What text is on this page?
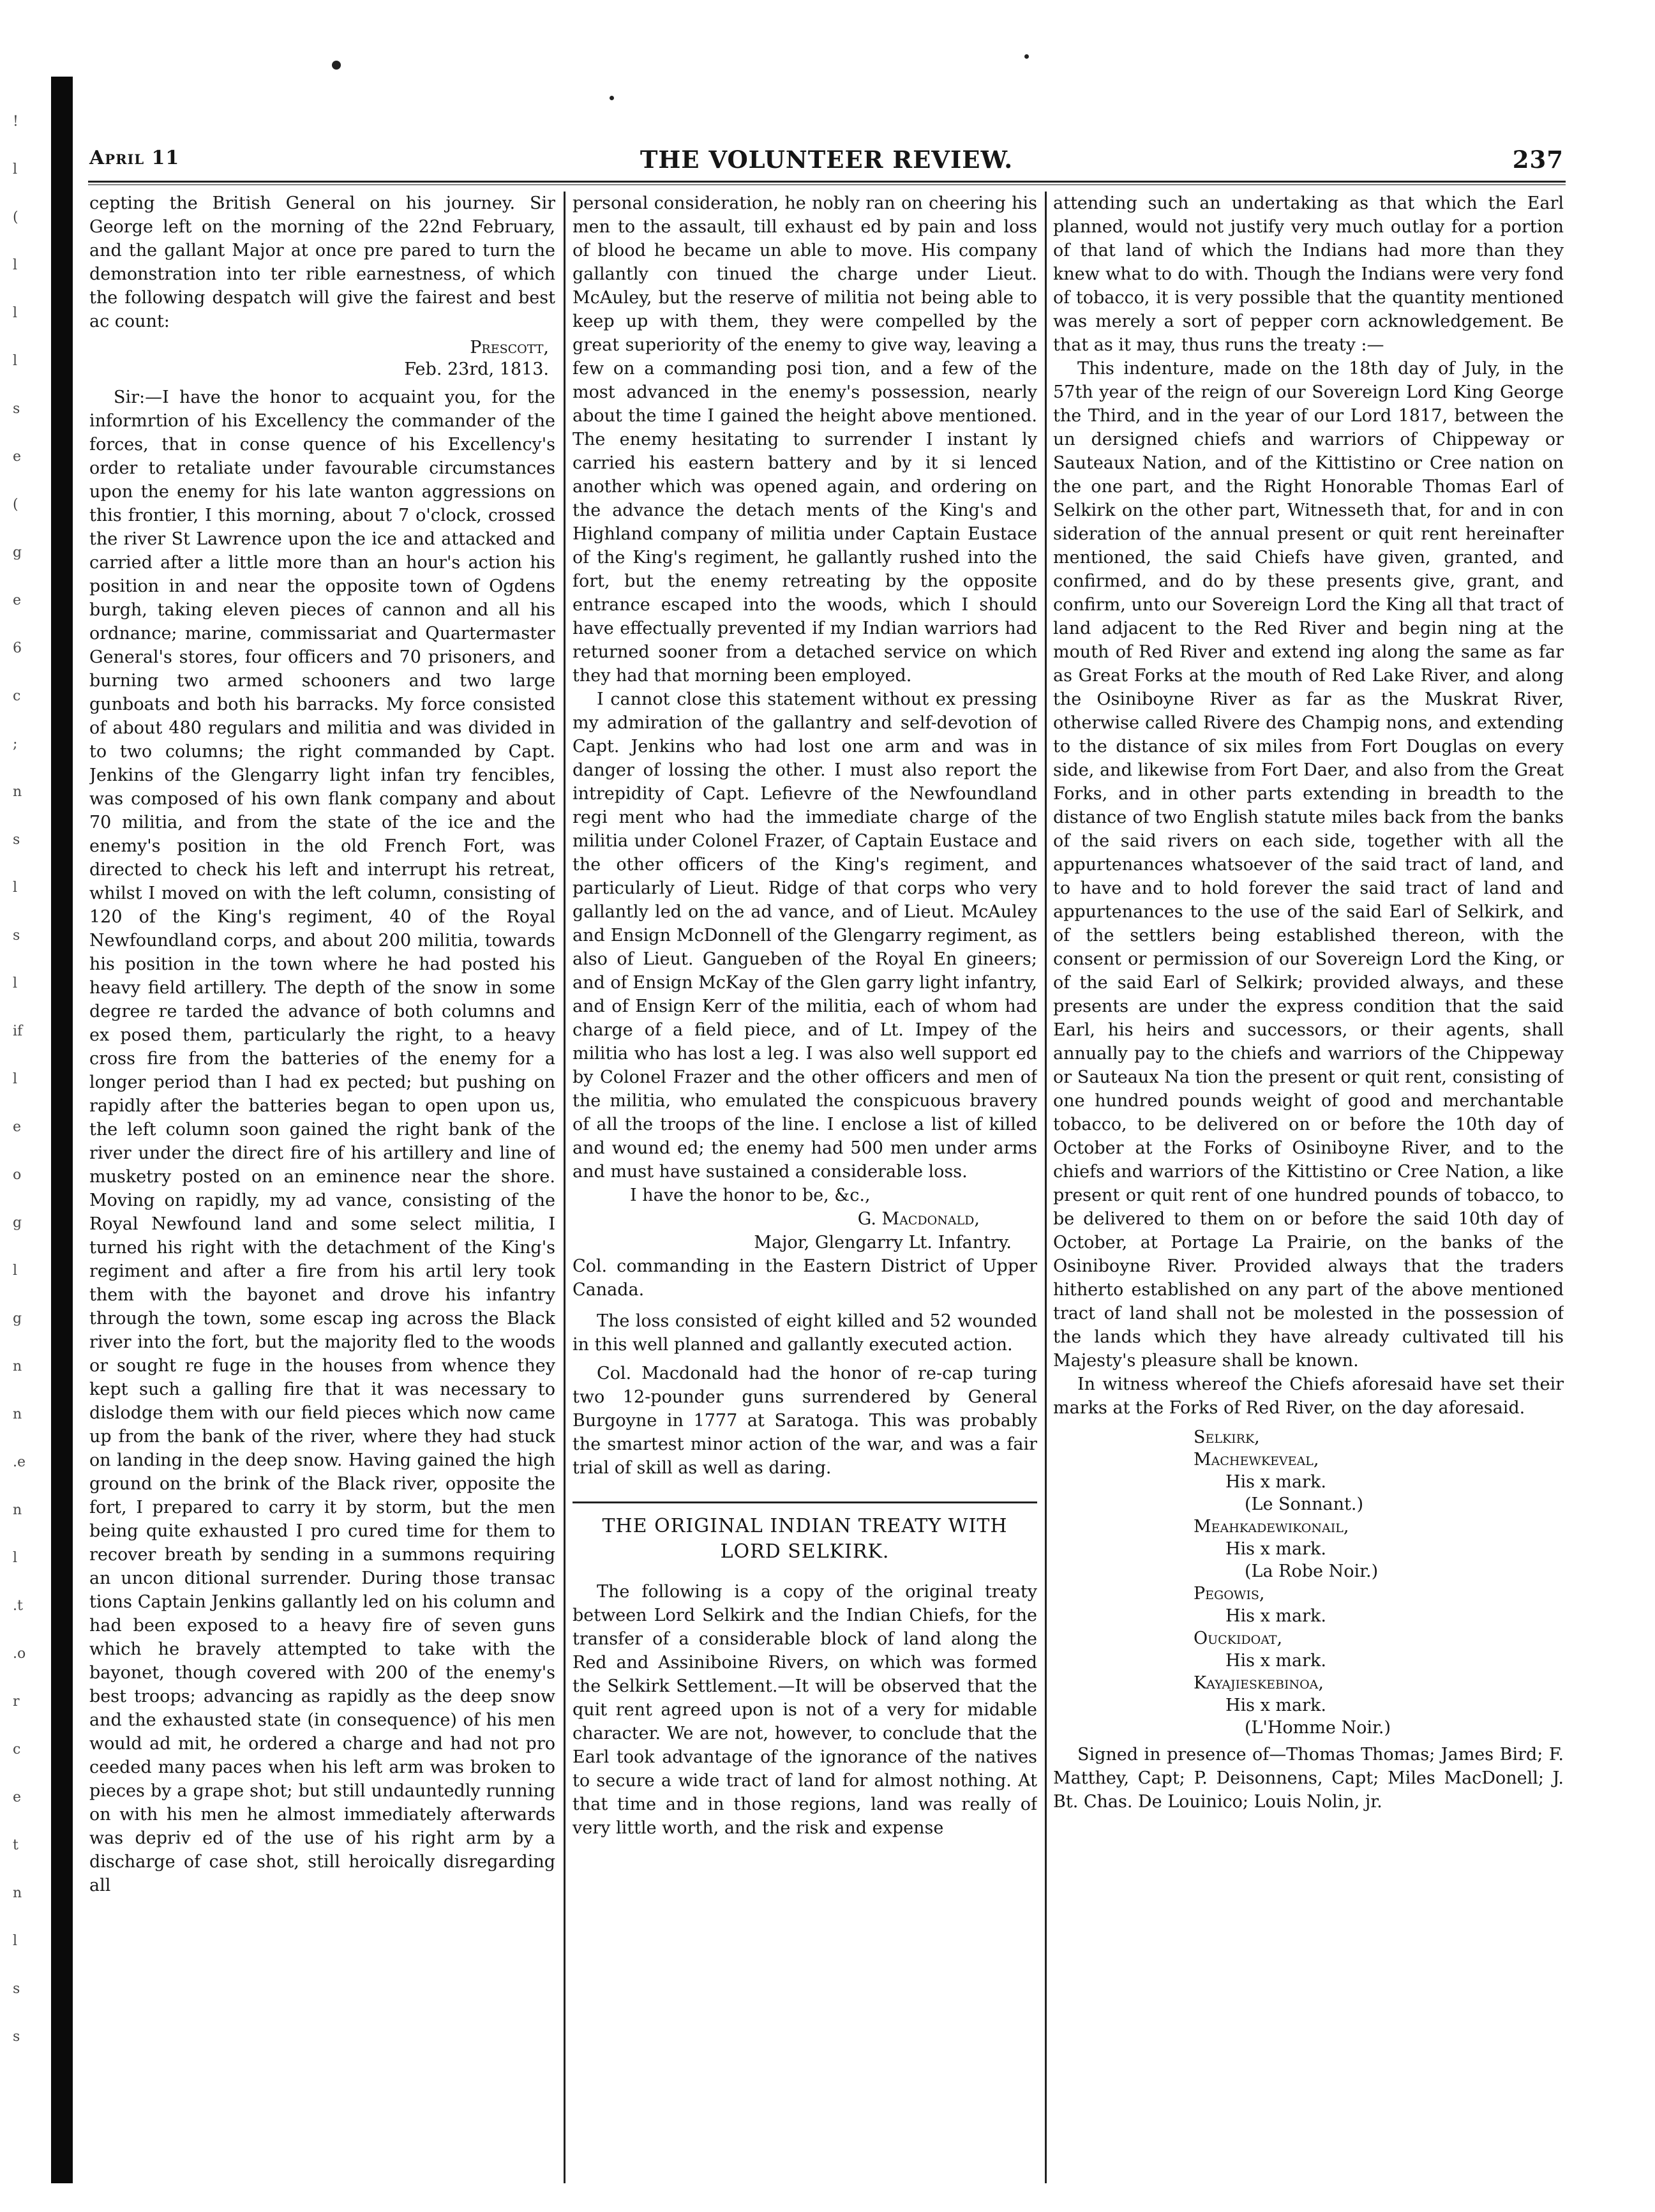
!
l
(
l
l
l
s
e
(
g
e
6
c
;
n
s
l
s
l
if
l
e
o
g
l
g
n
n
.e
n
l
.t
.o
r
c
e
t
n
l
s
s
April 11	THE VOLUNTEER REVIEW.	237

cepting the British General on his journey. Sir George left on the morning of the 22nd February, and the gallant Major at once pre pared to turn the demonstration into ter rible earnestness, of which the following despatch will give the fairest and best ac count:

Prescott,
Feb. 23rd, 1813.

Sir:—I have the honor to acquaint you, for the informrtion of his Excellency the commander of the forces, that in conse quence of his Excellency's order to retaliate under favourable circumstances upon the enemy for his late wanton aggressions on this frontier, I this morning, about 7 o'clock, crossed the river St Lawrence upon the ice and attacked and carried after a little more than an hour's action his position in and near the opposite town of Ogdens burgh, taking eleven pieces of cannon and all his ordnance; marine, commissariat and Quartermaster General's stores, four officers and 70 prisoners, and burning two armed schooners and two large gunboats and both his barracks. My force consisted of about 480 regulars and militia and was divided in to two columns; the right commanded by Capt. Jenkins of the Glengarry light infan try fencibles, was composed of his own flank company and about 70 militia, and from the state of the ice and the enemy's position in the old French Fort, was directed to check his left and interrupt his retreat, whilst I moved on with the left column, consisting of 120 of the King's regiment, 40 of the Royal Newfoundland corps, and about 200 militia, towards his position in the town where he had posted his heavy field artillery. The depth of the snow in some degree re tarded the advance of both columns and ex posed them, particularly the right, to a heavy cross fire from the batteries of the enemy for a longer period than I had ex pected; but pushing on rapidly after the batteries began to open upon us, the left column soon gained the right bank of the river under the direct fire of his artillery and line of musketry posted on an eminence near the shore. Moving on rapidly, my ad vance, consisting of the Royal Newfound land and some select militia, I turned his right with the detachment of the King's regiment and after a fire from his artil lery took them with the bayonet and drove his infantry through the town, some escap ing across the Black river into the fort, but the majority fled to the woods or sought re fuge in the houses from whence they kept such a galling fire that it was necessary to dislodge them with our field pieces which now came up from the bank of the river, where they had stuck on landing in the deep snow. Having gained the high ground on the brink of the Black river, opposite the fort, I prepared to carry it by storm, but the men being quite exhausted I pro cured time for them to recover breath by sending in a summons requiring an uncon ditional surrender. During those transac tions Captain Jenkins gallantly led on his column and had been exposed to a heavy fire of seven guns which he bravely attempted to take with the bayonet, though covered with 200 of the enemy's best troops; advancing as rapidly as the deep snow and the exhausted state (in consequence) of his men would ad mit, he ordered a charge and had not pro ceeded many paces when his left arm was broken to pieces by a grape shot; but still undauntedly running on with his men he almost immediately afterwards was depriv ed of the use of his right arm by a discharge of case shot, still heroically disregarding all

personal consideration, he nobly ran on cheering his men to the assault, till exhaust ed by pain and loss of blood he became un able to move. His company gallantly con tinued the charge under Lieut. McAuley, but the reserve of militia not being able to keep up with them, they were compelled by the great superiority of the enemy to give way, leaving a few on a commanding posi tion, and a few of the most advanced in the enemy's possession, nearly about the time I gained the height above mentioned. The enemy hesitating to surrender I instant ly carried his eastern battery and by it si lenced another which was opened again, and ordering on the advance the detach ments of the King's and Highland company of militia under Captain Eustace of the King's regiment, he gallantly rushed into the fort, but the enemy retreating by the opposite entrance escaped into the woods, which I should have effectually prevented if my Indian warriors had returned sooner from a detached service on which they had that morning been employed.

I cannot close this statement without ex pressing my admiration of the gallantry and self-devotion of Capt. Jenkins who had lost one arm and was in danger of lossing the other. I must also report the intrepidity of Capt. Lefievre of the Newfoundland regi ment who had the immediate charge of the militia under Colonel Frazer, of Captain Eustace and the other officers of the King's regiment, and particularly of Lieut. Ridge of that corps who very gallantly led on the ad vance, and of Lieut. McAuley and Ensign McDonnell of the Glengarry regiment, as also of Lieut. Gangueben of the Royal En gineers; and of Ensign McKay of the Glen garry light infantry, and of Ensign Kerr of the militia, each of whom had charge of a field piece, and of Lt. Impey of the militia who has lost a leg. I was also well support ed by Colonel Frazer and the other officers and men of the militia, who emulated the conspicuous bravery of all the troops of the line. I enclose a list of killed and wound ed; the enemy had 500 men under arms and must have sustained a considerable loss.

I have the honor to be, &c.,

G. Macdonald,
Major, Glengarry Lt. Infantry.

Col. commanding in the Eastern District of Upper Canada.

The loss consisted of eight killed and 52 wounded in this well planned and gallantly executed action.

Col. Macdonald had the honor of re-cap turing two 12-pounder guns surrendered by General Burgoyne in 1777 at Saratoga. This was probably the smartest minor action of the war, and was a fair trial of skill as well as daring.

THE ORIGINAL INDIAN TREATY WITH LORD SELKIRK.

The following is a copy of the original treaty between Lord Selkirk and the Indian Chiefs, for the transfer of a considerable block of land along the Red and Assiniboine Rivers, on which was formed the Selkirk Settlement.—It will be observed that the quit rent agreed upon is not of a very for midable character. We are not, however, to conclude that the Earl took advantage of the ignorance of the natives to secure a wide tract of land for almost nothing. At that time and in those regions, land was really of very little worth, and the risk and expense

attending such an undertaking as that which the Earl planned, would not justify very much outlay for a portion of that land of which the Indians had more than they knew what to do with. Though the Indians were very fond of tobacco, it is very possible that the quantity mentioned was merely a sort of pepper corn acknowledgement. Be that as it may, thus runs the treaty :—

This indenture, made on the 18th day of July, in the 57th year of the reign of our Sovereign Lord King George the Third, and in the year of our Lord 1817, between the un dersigned chiefs and warriors of Chippeway or Sauteaux Nation, and of the Kittistino or Cree nation on the one part, and the Right Honorable Thomas Earl of Selkirk on the other part, Witnesseth that, for and in con sideration of the annual present or quit rent hereinafter mentioned, the said Chiefs have given, granted, and confirmed, and do by these presents give, grant, and confirm, unto our Sovereign Lord the King all that tract of land adjacent to the Red River and begin ning at the mouth of Red River and extend ing along the same as far as Great Forks at the mouth of Red Lake River, and along the Osiniboyne River as far as the Muskrat River, otherwise called Rivere des Champig nons, and extending to the distance of six miles from Fort Douglas on every side, and likewise from Fort Daer, and also from the Great Forks, and in other parts extending in breadth to the distance of two English statute miles back from the banks of the said rivers on each side, together with all the appurtenances whatsoever of the said tract of land, and to have and to hold forever the said tract of land and appurtenances to the use of the said Earl of Selkirk, and of the settlers being established thereon, with the consent or permission of our Sovereign Lord the King, or of the said Earl of Selkirk; provided always, and these presents are under the express condition that the said Earl, his heirs and successors, or their agents, shall annually pay to the chiefs and warriors of the Chippeway or Sauteaux Na tion the present or quit rent, consisting of one hundred pounds weight of good and merchantable tobacco, to be delivered on or before the 10th day of October at the Forks of Osiniboyne River, and to the chiefs and warriors of the Kittistino or Cree Nation, a like present or quit rent of one hundred pounds of tobacco, to be delivered to them on or before the said 10th day of October, at Portage La Prairie, on the banks of the Osiniboyne River. Provided always that the traders hitherto established on any part of the above mentioned tract of land shall not be molested in the possession of the lands which they have already cultivated till his Majesty's pleasure shall be known.

In witness whereof the Chiefs aforesaid have set their marks at the Forks of Red River, on the day aforesaid.

Selkirk,
Machewkeveal,
His x mark.
(Le Sonnant.)
Meahkadewikonail,
His x mark.
(La Robe Noir.)
Pegowis,
His x mark.
Ouckidoat,
His x mark.
Kayajieskebinoa,
His x mark.
(L'Homme Noir.)

Signed in presence of—Thomas Thomas; James Bird; F. Matthey, Capt; P. Deisonnens, Capt; Miles MacDonell; J. Bt. Chas. De Louinico; Louis Nolin, jr.
